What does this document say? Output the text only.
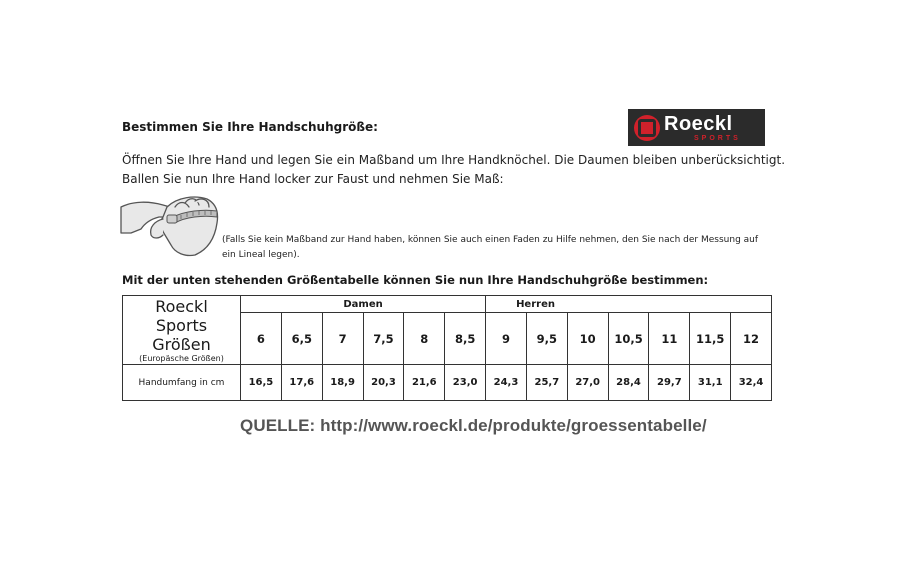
Bestimmen Sie Ihre Handschuhgröße:	Roeckl
SPORTS
Öffnen Sie Ihre Hand und legen Sie ein Maßband um Ihre Handknöchel. Die Daumen bleiben unberücksichtigt.
Ballen Sie nun Ihre Hand locker zur Faust und nehmen Sie Maß:
(Falls Sie kein Maßband zur Hand haben, können Sie auch einen Faden zu Hilfe nehmen, den Sie nach der Messung auf ein Lineal legen).
Mit der unten stehenden Größentabelle können Sie nun Ihre Handschuhgröße bestimmen:
Roeckl Sports Größen
(Europäsche Größen)	Damen						Herren						
	6	6,5	7	7,5	8	8,5	9	9,5	10	10,5	11	11,5	12
Handumfang in cm	16,5	17,6	18,9	20,3	21,6	23,0	24,3	25,7	27,0	28,4	29,7	31,1	32,4
QUELLE: http://www.roeckl.de/produkte/groessentabelle/
